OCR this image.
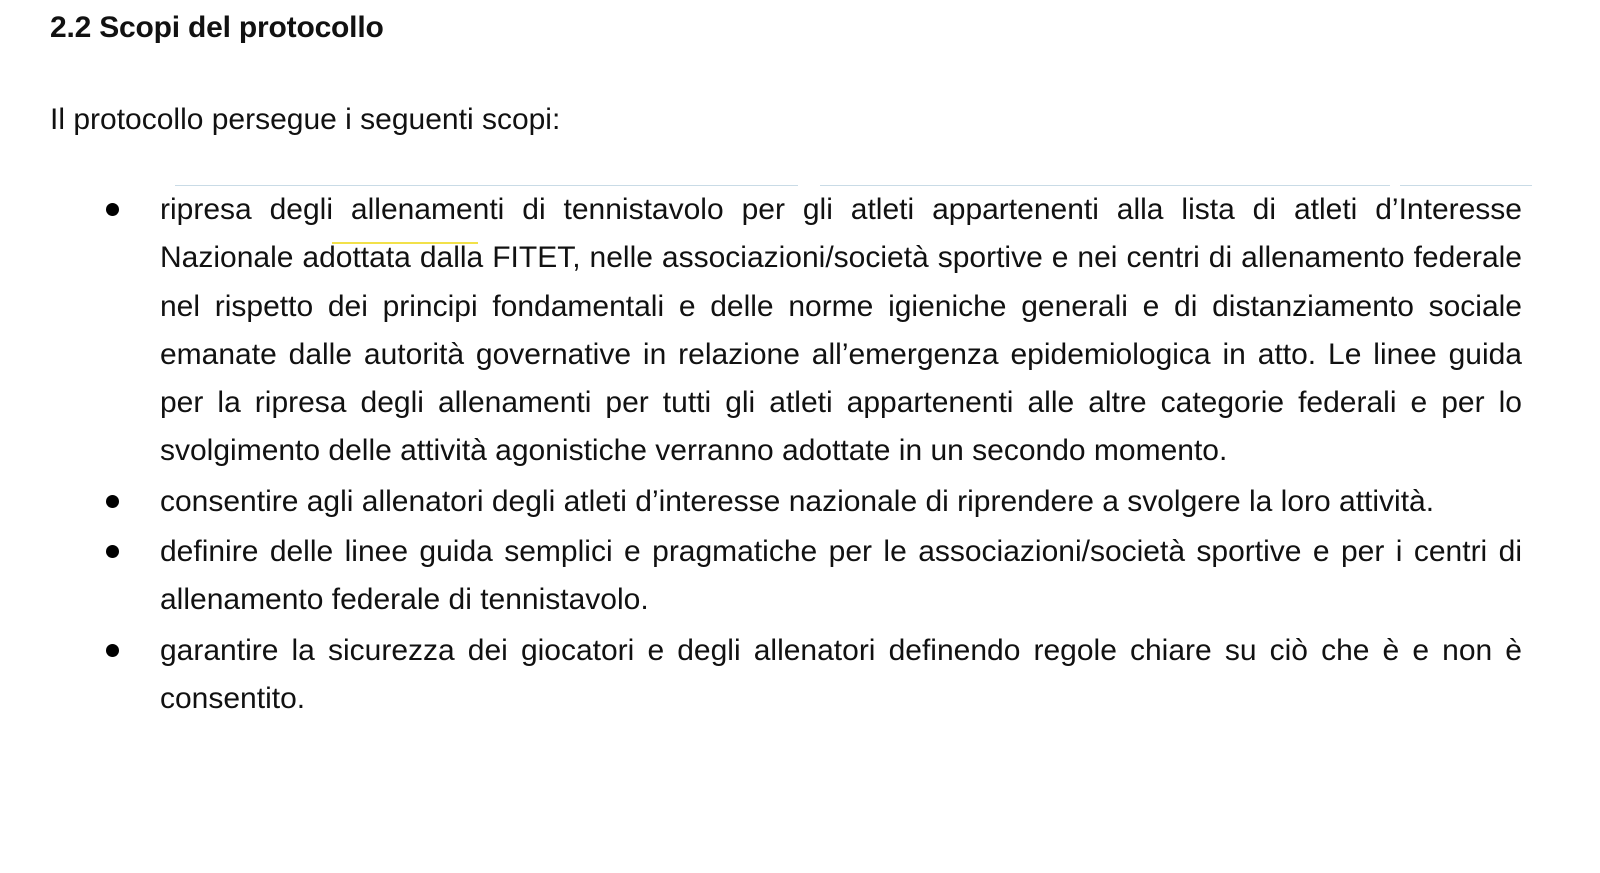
2.2 Scopi del protocollo

Il protocollo persegue i seguenti scopi:

ripresa degli allenamenti di tennistavolo per gli atleti appartenenti alla lista di atleti d’Interesse Nazionale adottata dalla FITET, nelle associazioni/società sportive e nei centri di allenamento federale nel rispetto dei principi fondamentali e delle norme igieniche generali e di distanziamento sociale emanate dalle autorità governative in relazione all’emergenza epidemiologica in atto. Le linee guida per la ripresa degli allenamenti per tutti gli atleti appartenenti alle altre categorie federali e per lo svolgimento delle attività agonistiche verranno adottate in un secondo momento.
consentire agli allenatori degli atleti d’interesse nazionale di riprendere a svolgere la loro attività.
definire delle linee guida semplici e pragmatiche per le associazioni/società sportive e per i centri di allenamento federale di tennistavolo.
garantire la sicurezza dei giocatori e degli allenatori definendo regole chiare su ciò che è e non è consentito.
